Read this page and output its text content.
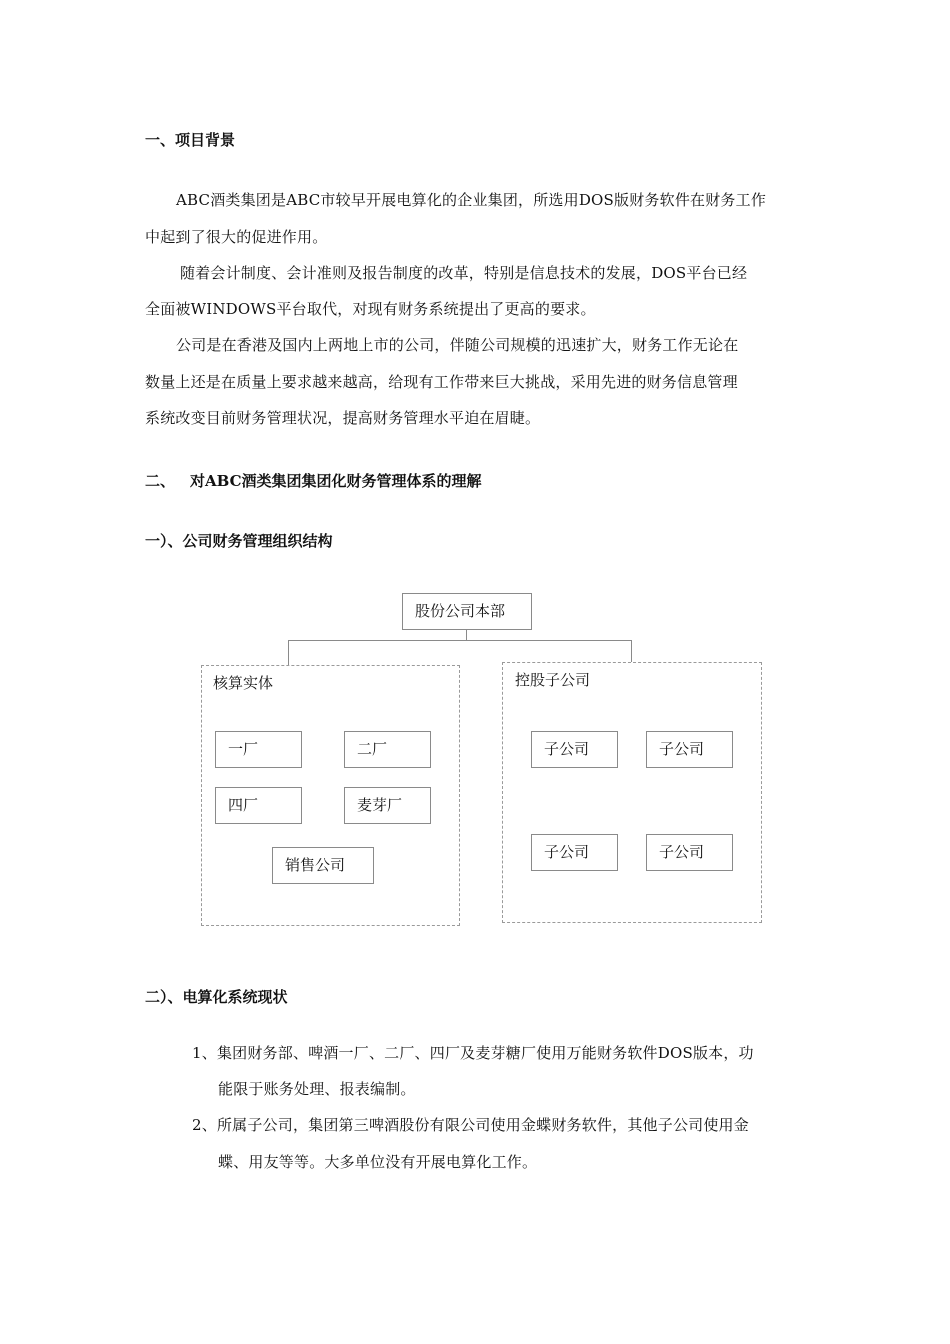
一、项目背景
ABC酒类集团是ABC市较早开展电算化的企业集团，所选用DOS版财务软件在财务工作
中起到了很大的促进作用。
随着会计制度、会计准则及报告制度的改革，特别是信息技术的发展，DOS平台已经
全面被WINDOWS平台取代，对现有财务系统提出了更高的要求。
公司是在香港及国内上两地上市的公司，伴随公司规模的迅速扩大，财务工作无论在
数量上还是在质量上要求越来越高，给现有工作带来巨大挑战，采用先进的财务信息管理
系统改变目前财务管理状况，提高财务管理水平迫在眉睫。
二、 对ABC酒类集团集团化财务管理体系的理解
一）、公司财务管理组织结构
股份公司本部
核算实体	控股子公司
一厂	二厂
四厂	麦芽厂
销售公司
子公司	子公司
子公司	子公司
二）、电算化系统现状
1、集团财务部、啤酒一厂、二厂、四厂及麦芽糖厂使用万能财务软件DOS版本，功
能限于账务处理、报表编制。
2、所属子公司，集团第三啤酒股份有限公司使用金蝶财务软件，其他子公司使用金
蝶、用友等等。大多单位没有开展电算化工作。
